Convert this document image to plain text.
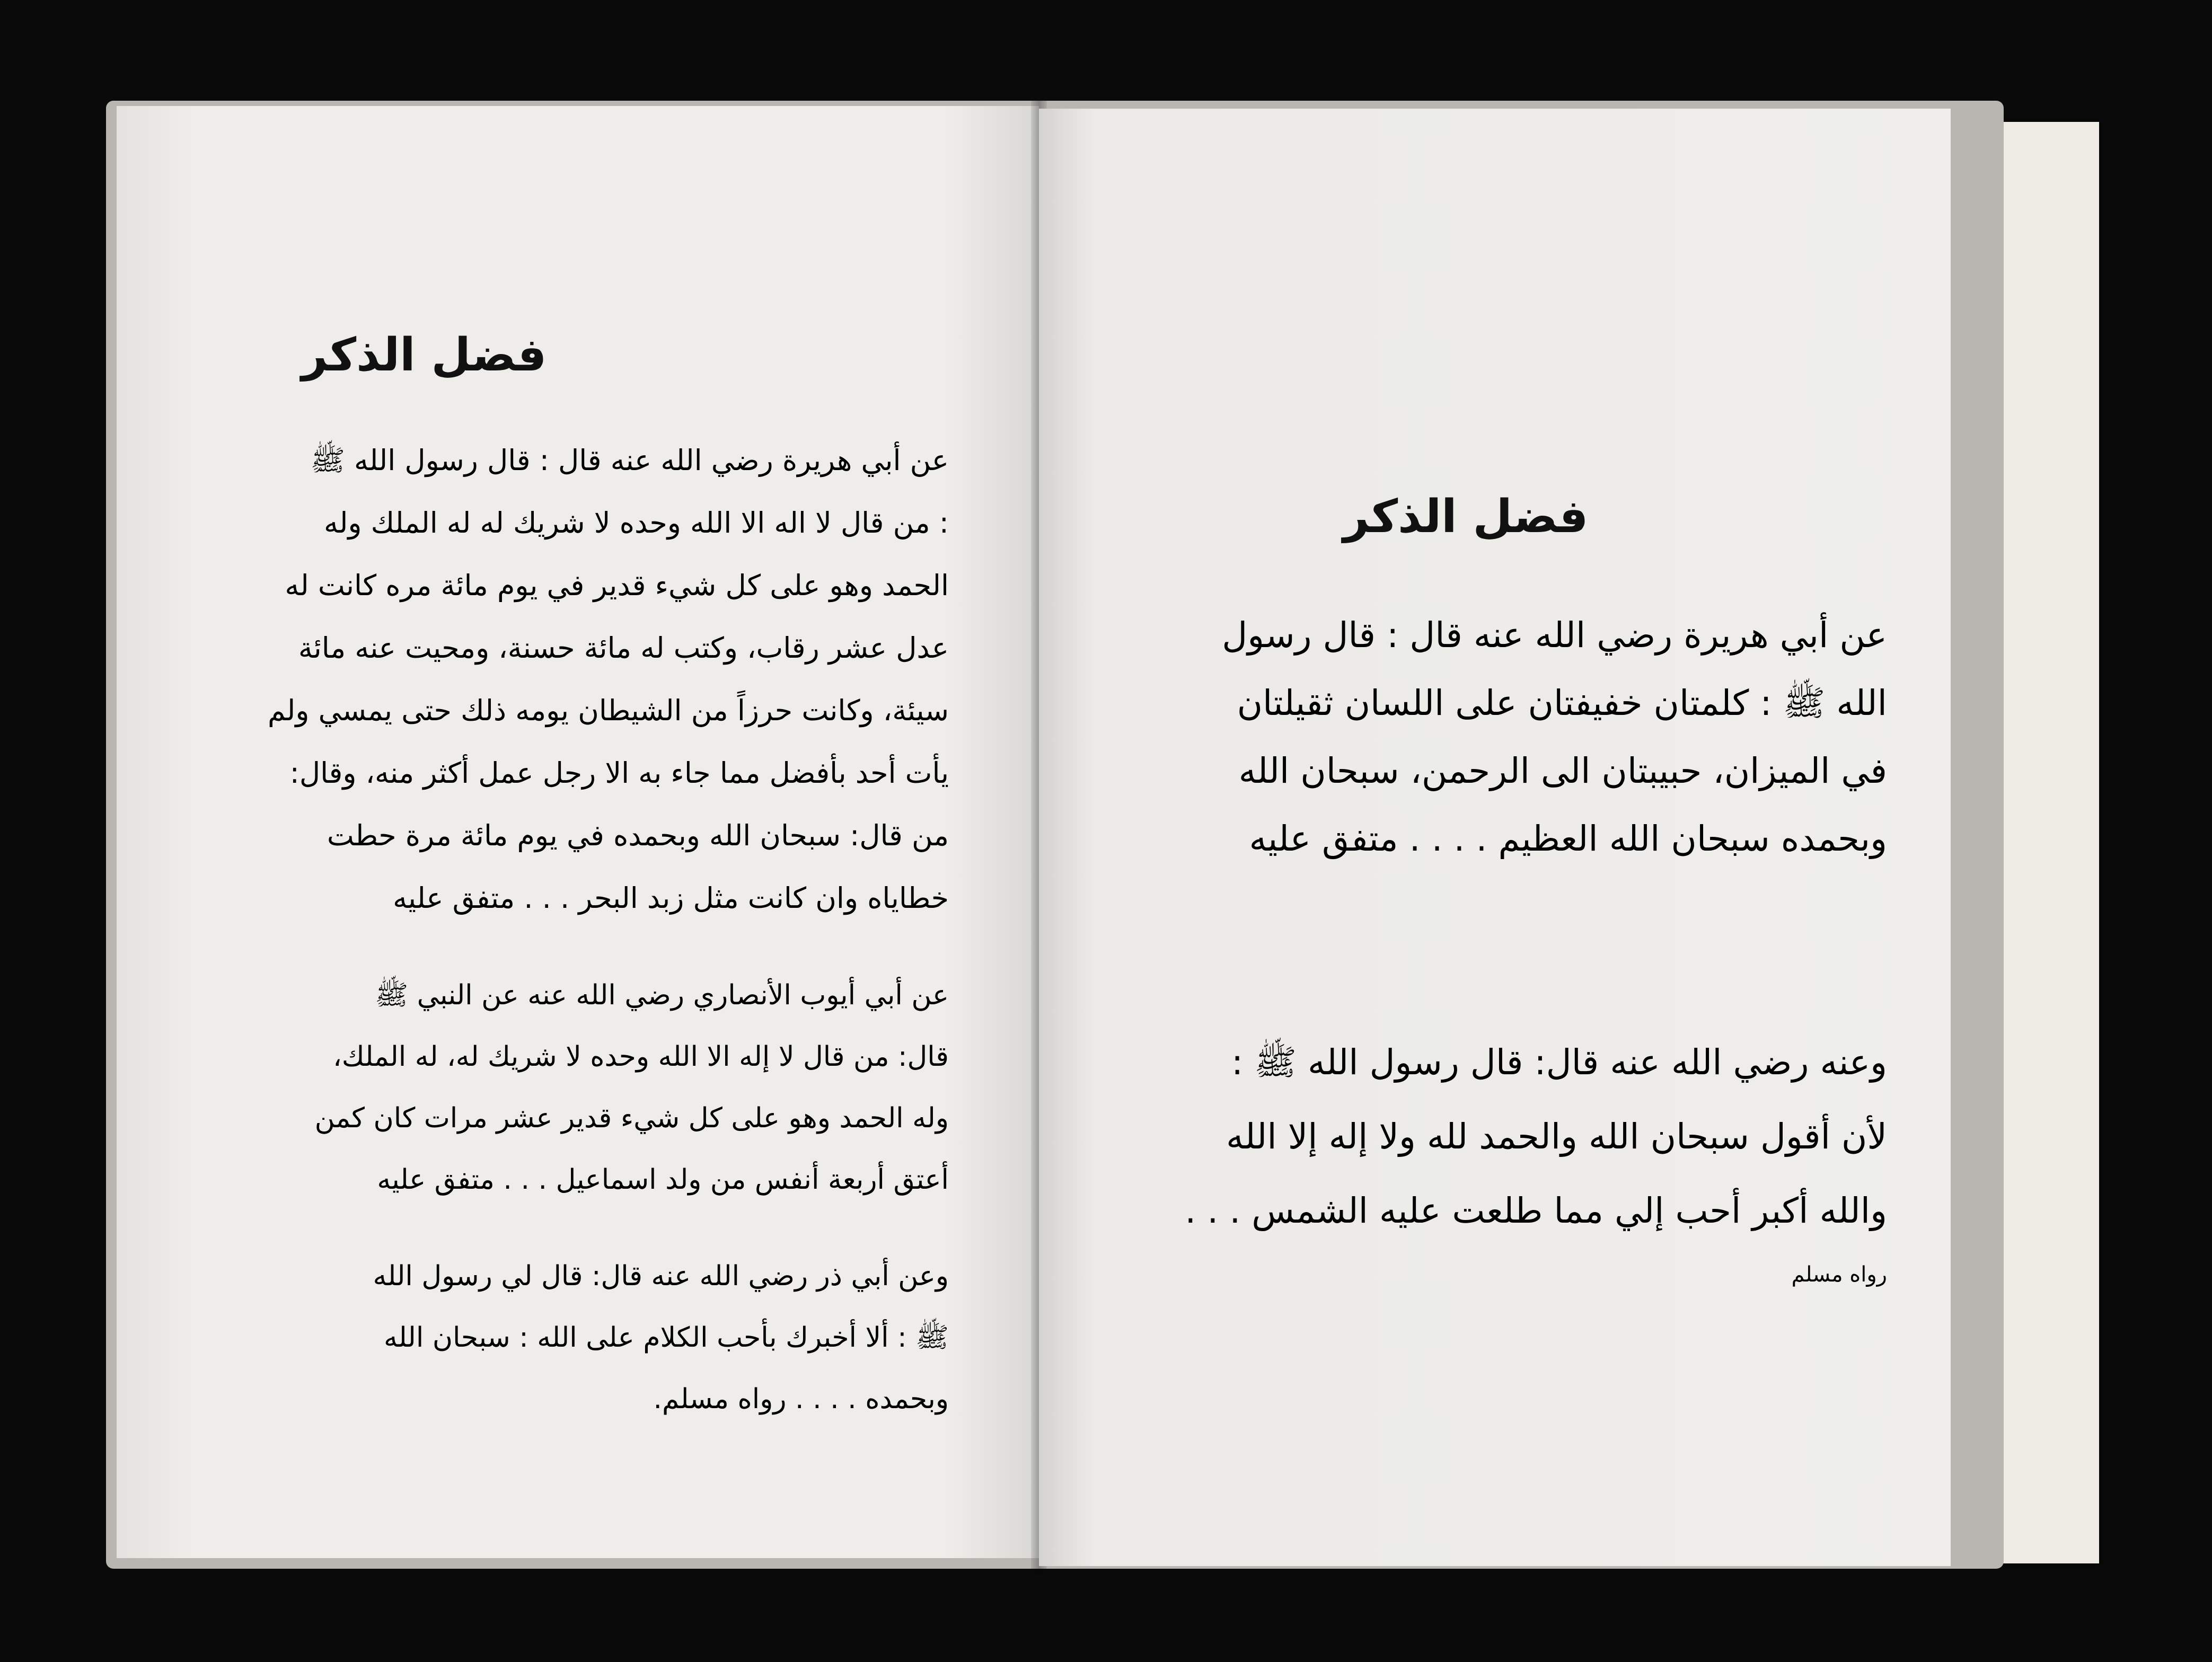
فضل الذكر
عن أبي هريرة رضي الله عنه قال : قال رسول الله ﷺ
: من قال لا اله الا الله وحده لا شريك له له الملك وله
الحمد وهو على كل شيء قدير في يوم مائة مره كانت له
عدل عشر رقاب، وكتب له مائة حسنة، ومحيت عنه مائة
سيئة، وكانت حرزاً من الشيطان يومه ذلك حتى يمسي ولم
يأت أحد بأفضل مما جاء به الا رجل عمل أكثر منه، وقال:
من قال: سبحان الله وبحمده في يوم مائة مرة حطت
خطاياه وان كانت مثل زبد البحر . . . متفق عليه
عن أبي أيوب الأنصاري رضي الله عنه عن النبي ﷺ
قال: من قال لا إله الا الله وحده لا شريك له، له الملك،
وله الحمد وهو على كل شيء قدير عشر مرات كان كمن
أعتق أربعة أنفس من ولد اسماعيل . . . متفق عليه
وعن أبي ذر رضي الله عنه قال: قال لي رسول الله
ﷺ : ألا أخبرك بأحب الكلام على الله : سبحان الله
وبحمده . . . . رواه مسلم.
فضل الذكر
عن أبي هريرة رضي الله عنه قال : قال رسول
الله ﷺ : كلمتان خفيفتان على اللسان ثقيلتان
في الميزان، حبيبتان الى الرحمن، سبحان الله
وبحمده سبحان الله العظيم . . . . متفق عليه
وعنه رضي الله عنه قال: قال رسول الله ﷺ :
لأن أقول سبحان الله والحمد لله ولا إله إلا الله
والله أكبر أحب إلي مما طلعت عليه الشمس . . .
رواه مسلم
